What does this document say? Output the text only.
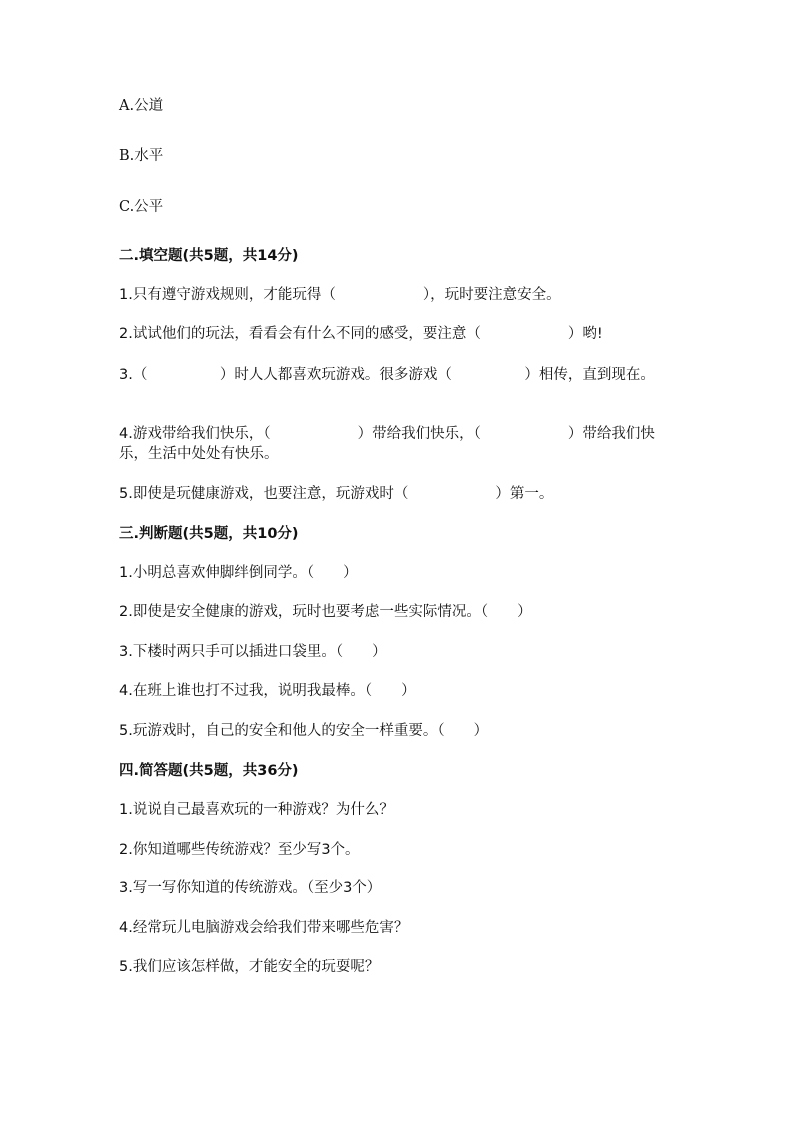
A.公道
B.水平
C.公平
二.填空题(共5题，共14分)
1.只有遵守游戏规则，才能玩得（　　　　　　），玩时要注意安全。
2.试试他们的玩法，看看会有什么不同的感受，要注意（　　　　　　）哟!
3.（　　　　　）时人人都喜欢玩游戏。很多游戏（　　　　　）相传，直到现在。
4.游戏带给我们快乐，（　　　　　　）带给我们快乐，（　　　　　　）带给我们快乐，生活中处处有快乐。
5.即使是玩健康游戏，也要注意，玩游戏时（　　　　　　）第一。
三.判断题(共5题，共10分)
1.小明总喜欢伸脚绊倒同学。（　　）
2.即使是安全健康的游戏，玩时也要考虑一些实际情况。（　　）
3.下楼时两只手可以插进口袋里。（　　）
4.在班上谁也打不过我，说明我最棒。（　　）
5.玩游戏时，自己的安全和他人的安全一样重要。（　　）
四.简答题(共5题，共36分)
1.说说自己最喜欢玩的一种游戏？为什么？
2.你知道哪些传统游戏？至少写3个。
3.写一写你知道的传统游戏。（至少3个）
4.经常玩儿电脑游戏会给我们带来哪些危害？
5.我们应该怎样做，才能安全的玩耍呢？
